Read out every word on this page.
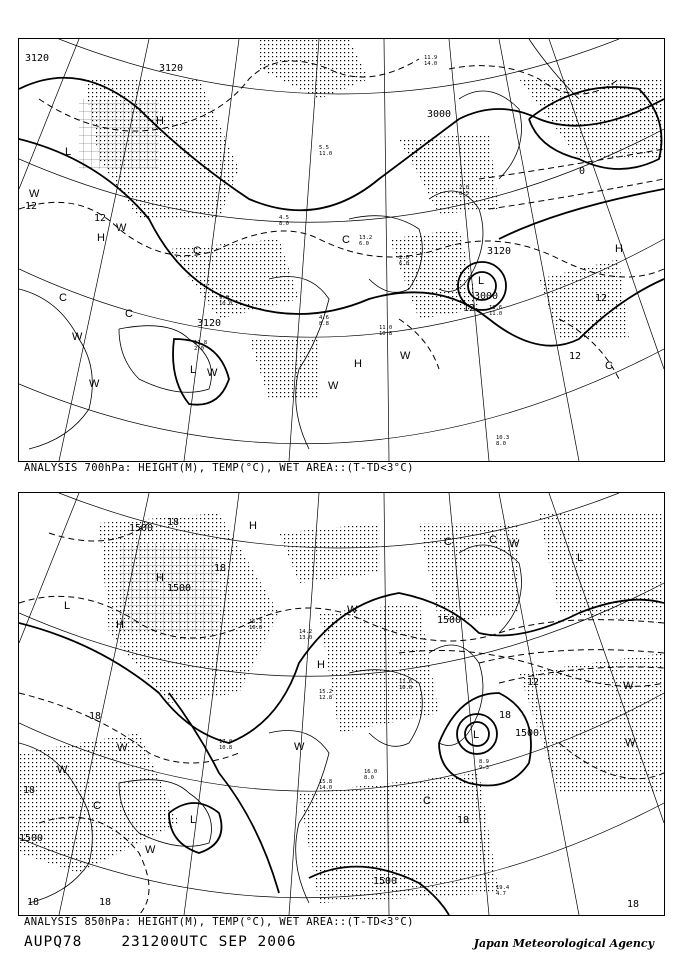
11.9
14.0
5.5
11.0
4.5
8.0
13.2
6.0
2.0
6.0
9.8
10.0
11.8
2.0
4.6
8.8
11.0
10.8
13.6
11.0
2.0
0.5
10.3
8.0
3120
3120
3000
3120
3000
3120
12
12
12
12
12
0
L
H
L	H
H
L
H
W
W
C
C
W
W
W
W
C
C
W
C
ANALYSIS 700hPa: HEIGHT(M), TEMP(°C), WET AREA::(T-TD<3°C)
16.3
10.0
14.2
13.0
15.2
12.8
17.0
10.8
15.8
14.0
16.0
8.0
8.9
9.3
19.4
4.7
11.6
10.0
1500
1500
1500
1500
1500
1500
18
18
18
18
18
18
12
18	18	18
L
H
H
H
L
L
L
H
W
W
W
W
C
W
C
W
W
C
C
W
ANALYSIS 850hPa: HEIGHT(M), TEMP(°C), WET AREA::(T-TD<3°C)
AUPQ78	231200UTC SEP 2006	Japan Meteorological Agency
